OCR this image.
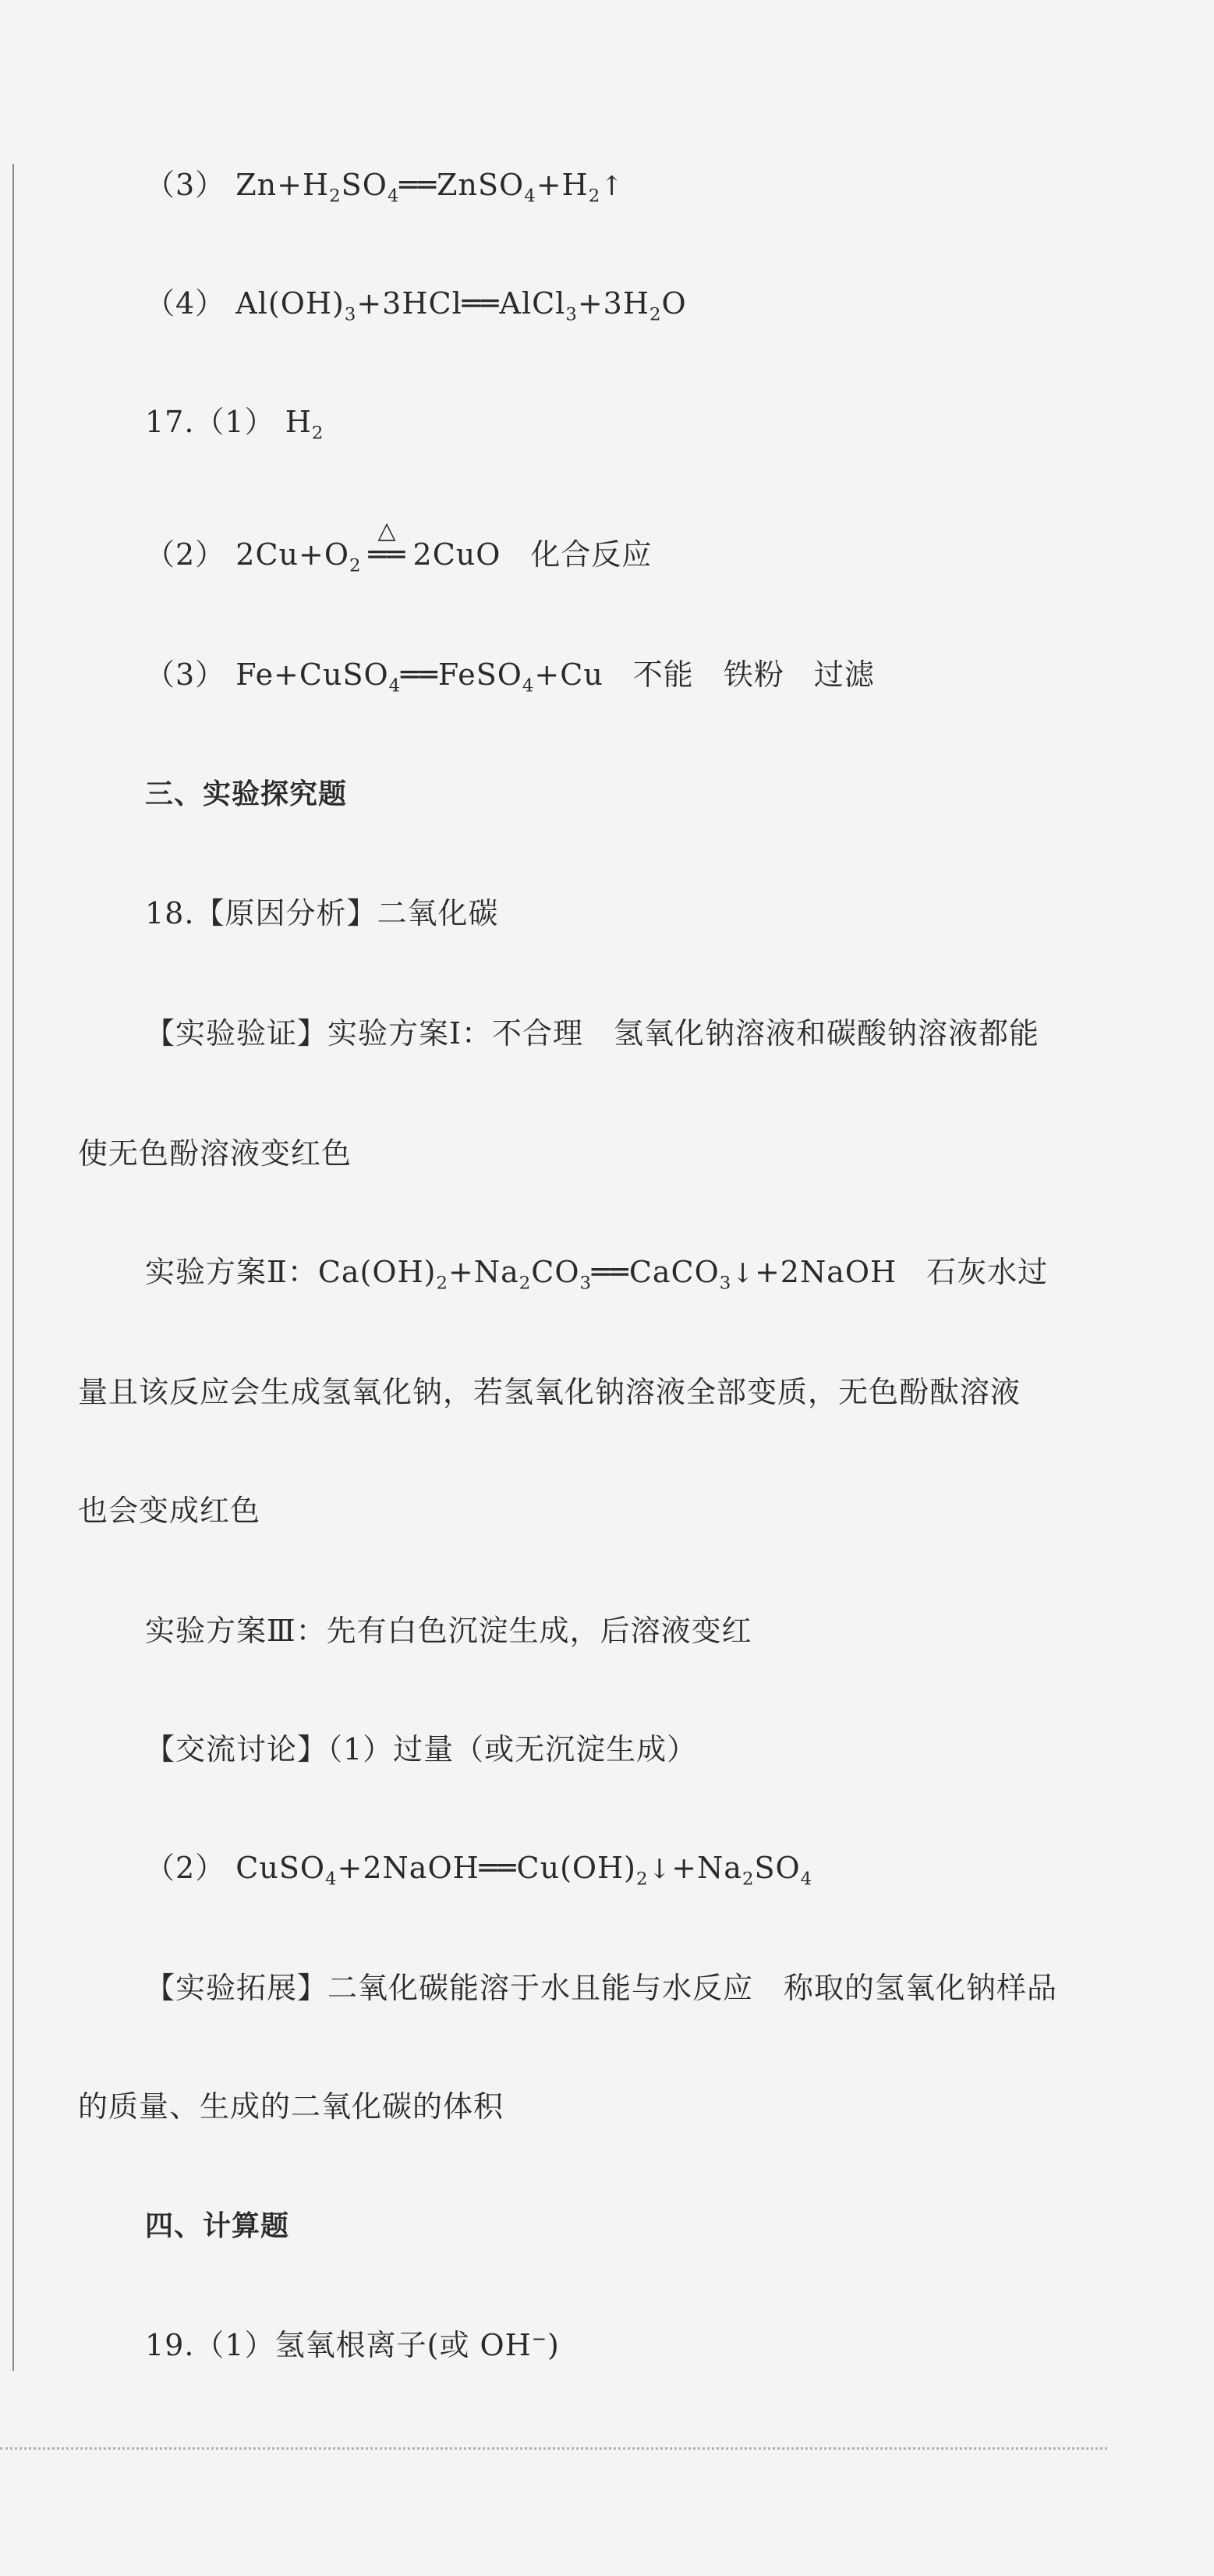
（3） $Zn+H_2SO_4══ZnSO_4+H_2↑$
（4） $Al(OH)_3+3HCl══AlCl_3+3H_2O$
17.（1） $H_2$
（2） $2Cu+O_2$
△
══ 2CuO 化合反应
（3） Fe+CuSO$_4$══FeSO$_4$+Cu 不能 铁粉 过滤
三、实验探究题
18.【原因分析】二氧化碳
【实验验证】实验方案Ⅰ：不合理　氢氧化钠溶液和碳酸钠溶液都能
使无色酚溶液变红色
实验方案Ⅱ：$Ca(OH)_2+Na_2CO_3══CaCO_3↓+2NaOH$ 石灰水过
量且该反应会生成氢氧化钠，若氢氧化钠溶液全部变质，无色酚酞溶液
也会变成红色
实验方案Ⅲ：先有白色沉淀生成，后溶液变红
【交流讨论】（1）过量（或无沉淀生成）
（2） $CuSO_4+2NaOH══Cu(OH)_2↓+Na_2SO_4$
【实验拓展】二氧化碳能溶于水且能与水反应　称取的氢氧化钠样品
的质量、生成的二氧化碳的体积
四、计算题
19.（1）氢氧根离子(或 OH−)
